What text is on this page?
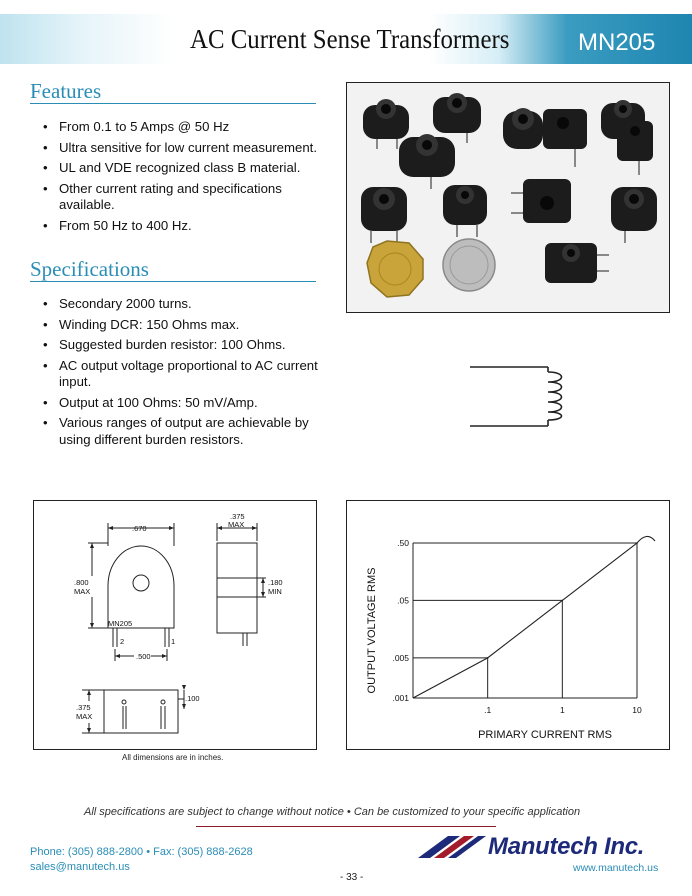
AC Current Sense Transformers	MN205
Features
• From 0.1 to 5 Amps @ 50 Hz
• Ultra sensitive for low current measurement.
• UL and VDE recognized class B material.
• Other current rating and specifications available.
• From 50 Hz to 400 Hz.
Specifications
• Secondary 2000 turns.
• Winding DCR: 150 Ohms max.
• Suggested burden resistor: 100 Ohms.
• AC output voltage proportional to AC current input.
• Output at 100 Ohms: 50 mV/Amp.
• Various ranges of output are achievable by using different burden resistors.
.670
.800
MAX
MN205
2	1
.500
.375
MAX
.180
MIN
.375
MAX
.100
All dimensions are in inches.
.001
.005
.05
.50
.1	1	10
PRIMARY CURRENT RMS
OUTPUT VOLTAGE RMS
All specifications are subject to change without notice • Can be customized to your specific application
Phone: (305) 888-2800 • Fax: (305) 888-2628
sales@manutech.us
- 33 -
Manutech Inc.
www.manutech.us
